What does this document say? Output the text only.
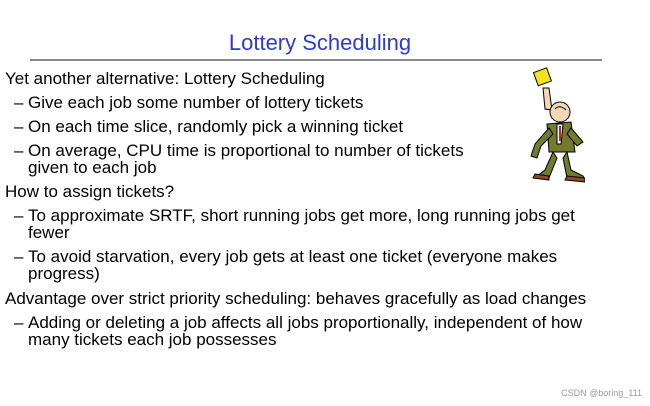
Lottery Scheduling
Yet another alternative: Lottery Scheduling
– Give each job some number of lottery tickets
– On each time slice, randomly pick a winning ticket
– On average, CPU time is proportional to number of tickets
given to each job
How to assign tickets?
– To approximate SRTF, short running jobs get more, long running jobs get
fewer
– To avoid starvation, every job gets at least one ticket (everyone makes
progress)
Advantage over strict priority scheduling: behaves gracefully as load changes
– Adding or deleting a job affects all jobs proportionally, independent of how
many tickets each job possesses
CSDN @boring_111
